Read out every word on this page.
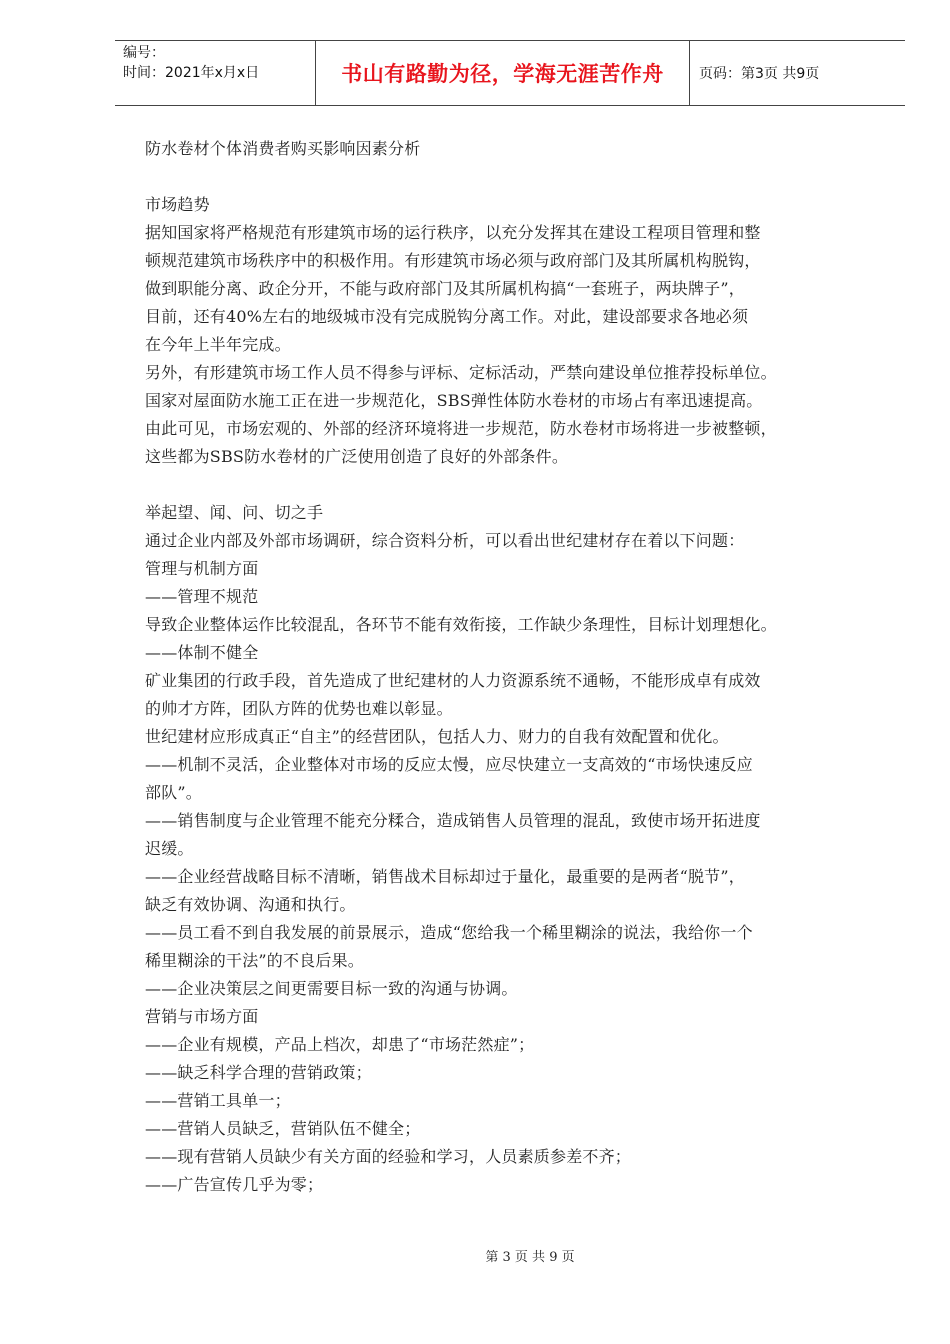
编号：
时间：2021年x月x日	书山有路勤为径，学海无涯苦作舟	页码：第3页 共9页

防水卷材个体消费者购买影响因素分析

市场趋势

据知国家将严格规范有形建筑市场的运行秩序，以充分发挥其在建设工程项目管理和整

顿规范建筑市场秩序中的积极作用。有形建筑市场必须与政府部门及其所属机构脱钩，

做到职能分离、政企分开，不能与政府部门及其所属机构搞“一套班子，两块牌子”，

目前，还有40%左右的地级城市没有完成脱钩分离工作。对此，建设部要求各地必须

在今年上半年完成。

另外，有形建筑市场工作人员不得参与评标、定标活动，严禁向建设单位推荐投标单位。

国家对屋面防水施工正在进一步规范化，SBS弹性体防水卷材的市场占有率迅速提高。

由此可见，市场宏观的、外部的经济环境将进一步规范，防水卷材市场将进一步被整顿，

这些都为SBS防水卷材的广泛使用创造了良好的外部条件。

举起望、闻、问、切之手

通过企业内部及外部市场调研，综合资料分析，可以看出世纪建材存在着以下问题：

管理与机制方面

——管理不规范

导致企业整体运作比较混乱，各环节不能有效衔接，工作缺少条理性，目标计划理想化。

——体制不健全

矿业集团的行政手段，首先造成了世纪建材的人力资源系统不通畅，不能形成卓有成效

的帅才方阵，团队方阵的优势也难以彰显。

世纪建材应形成真正“自主”的经营团队，包括人力、财力的自我有效配置和优化。

——机制不灵活，企业整体对市场的反应太慢，应尽快建立一支高效的“市场快速反应

部队”。

——销售制度与企业管理不能充分糅合，造成销售人员管理的混乱，致使市场开拓进度

迟缓。

——企业经营战略目标不清晰，销售战术目标却过于量化，最重要的是两者“脱节”，

缺乏有效协调、沟通和执行。

——员工看不到自我发展的前景展示，造成“您给我一个稀里糊涂的说法，我给你一个

稀里糊涂的干法”的不良后果。

——企业决策层之间更需要目标一致的沟通与协调。

营销与市场方面

——企业有规模，产品上档次，却患了“市场茫然症”；

——缺乏科学合理的营销政策；

——营销工具单一；

——营销人员缺乏，营销队伍不健全；

——现有营销人员缺少有关方面的经验和学习，人员素质参差不齐；

——广告宣传几乎为零；

第 3 页 共 9 页
